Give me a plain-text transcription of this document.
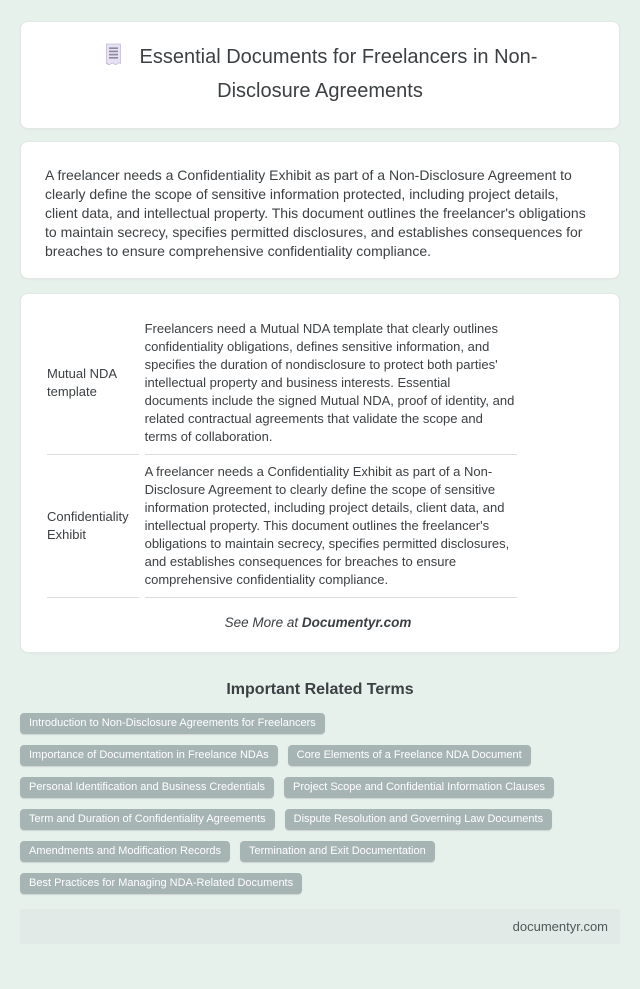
Essential Documents for Freelancers in Non-Disclosure Agreements

A freelancer needs a Confidentiality Exhibit as part of a Non-Disclosure Agreement to clearly define the scope of sensitive information protected, including project details, client data, and intellectual property. This document outlines the freelancer's obligations to maintain secrecy, specifies permitted disclosures, and establishes consequences for breaches to ensure comprehensive confidentiality compliance.

Mutual NDA template	Freelancers need a Mutual NDA template that clearly outlines confidentiality obligations, defines sensitive information, and specifies the duration of nondisclosure to protect both parties' intellectual property and business interests. Essential documents include the signed Mutual NDA, proof of identity, and related contractual agreements that validate the scope and terms of collaboration.
Confidentiality Exhibit	A freelancer needs a Confidentiality Exhibit as part of a Non-Disclosure Agreement to clearly define the scope of sensitive information protected, including project details, client data, and intellectual property. This document outlines the freelancer's obligations to maintain secrecy, specifies permitted disclosures, and establishes consequences for breaches to ensure comprehensive confidentiality compliance.
See More at Documentyr.com
Important Related Terms
Introduction to Non-Disclosure Agreements for Freelancers
Importance of Documentation in Freelance NDAs	Core Elements of a Freelance NDA Document
Personal Identification and Business Credentials	Project Scope and Confidential Information Clauses
Term and Duration of Confidentiality Agreements	Dispute Resolution and Governing Law Documents
Amendments and Modification Records	Termination and Exit Documentation
Best Practices for Managing NDA-Related Documents
documentyr.com
